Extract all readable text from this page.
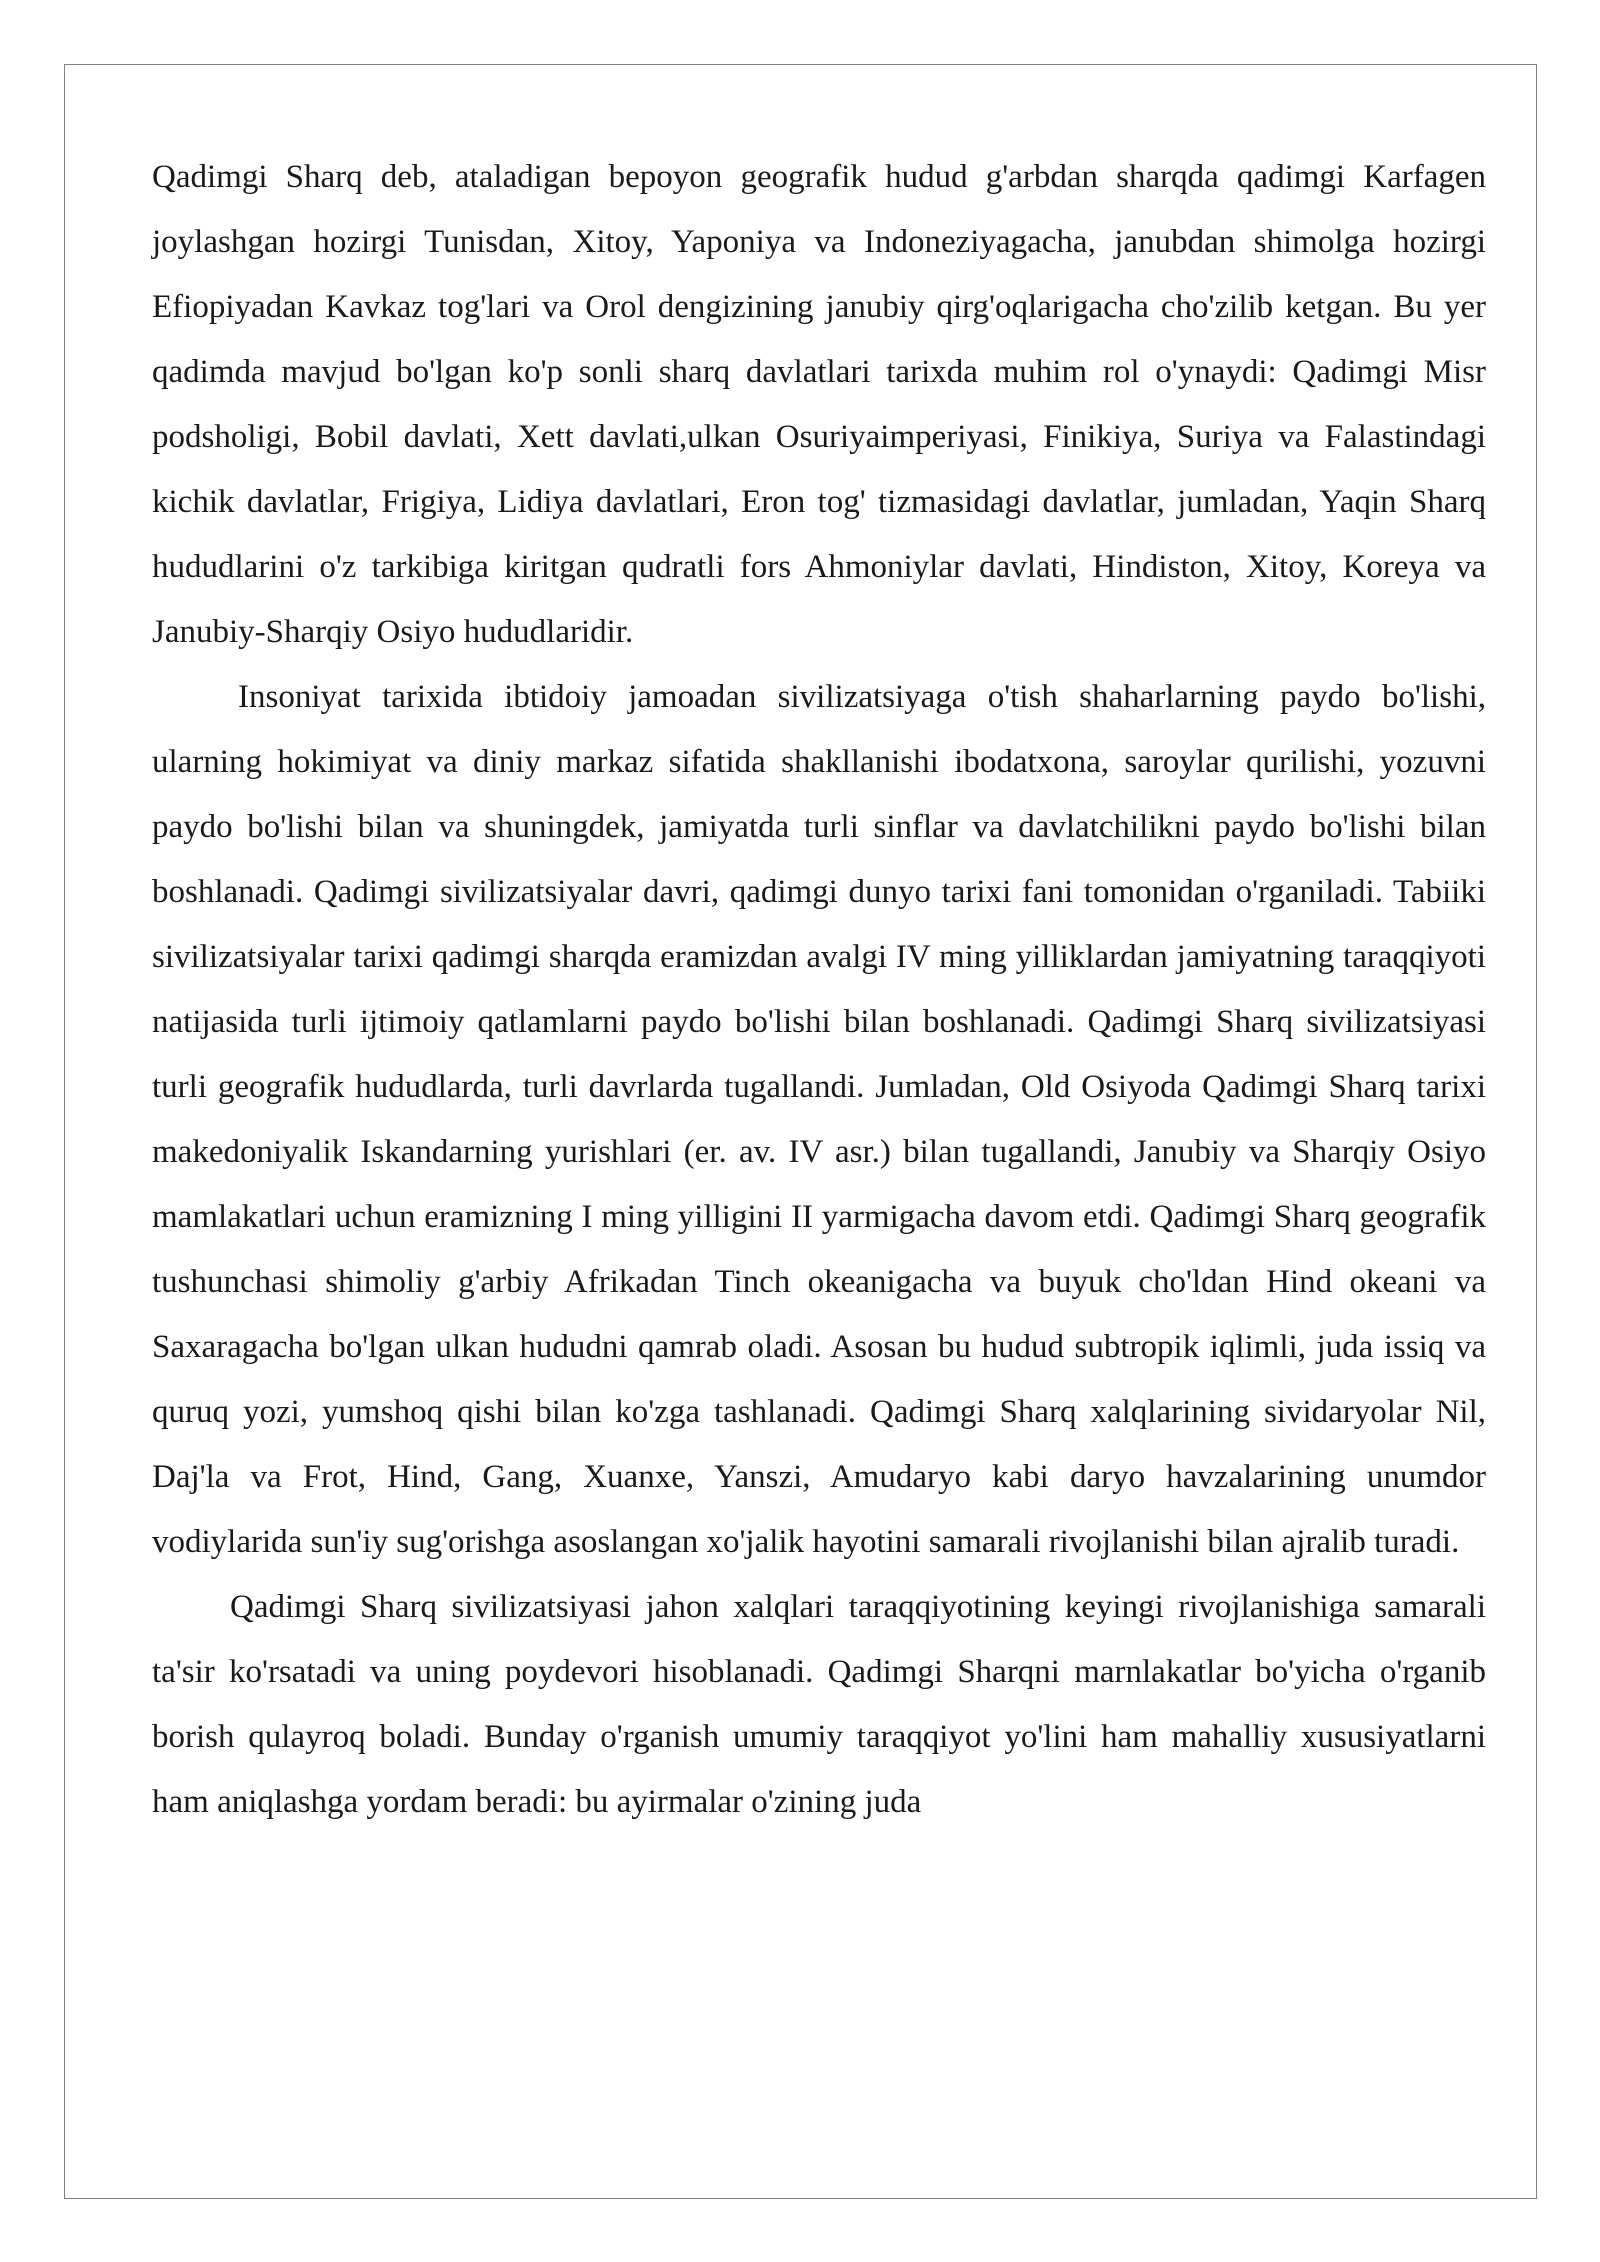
Qadimgi Sharq deb, ataladigan bepoyon geografik hudud g'arbdan sharqda qadimgi Karfagen joylashgan hozirgi Tunisdan, Xitoy, Yaponiya va Indoneziyagacha, janubdan shimolga hozirgi Efiopiyadan Kavkaz tog'lari va Orol dengizining janubiy qirg'oqlarigacha cho'zilib ketgan. Bu yer qadimda mavjud bo'lgan ko'p sonli sharq davlatlari tarixda muhim rol o'ynaydi: Qadimgi Misr podsholigi, Bobil davlati, Xett davlati,ulkan Osuriyaimperiyasi, Finikiya, Suriya va Falastindagi kichik davlatlar, Frigiya, Lidiya davlatlari, Eron tog' tizmasidagi davlatlar, jumladan, Yaqin Sharq hududlarini o'z tarkibiga kiritgan qudratli fors Ahmoniylar davlati, Hindiston, Xitoy, Koreya va Janubiy-Sharqiy Osiyo hududlaridir.

Insoniyat tarixida ibtidoiy jamoadan sivilizatsiyaga o'tish shaharlarning paydo bo'lishi, ularning hokimiyat va diniy markaz sifatida shakllanishi ibodatxona, saroylar qurilishi, yozuvni paydo bo'lishi bilan va shuningdek, jamiyatda turli sinflar va davlatchilikni paydo bo'lishi bilan boshlanadi. Qadimgi sivilizatsiyalar davri, qadimgi dunyo tarixi fani tomonidan o'rganiladi. Tabiiki sivilizatsiyalar tarixi qadimgi sharqda eramizdan avalgi IV ming yilliklardan jamiyatning taraqqiyoti natijasida turli ijtimoiy qatlamlarni paydo bo'lishi bilan boshlanadi. Qadimgi Sharq sivilizatsiyasi turli geografik hududlarda, turli davrlarda tugallandi. Jumladan, Old Osiyoda Qadimgi Sharq tarixi makedoniyalik Iskandarning yurishlari (er. av. IV asr.) bilan tugallandi, Janubiy va Sharqiy Osiyo mamlakatlari uchun eramizning I ming yilligini II yarmigacha davom etdi. Qadimgi Sharq geografik tushunchasi shimoliy g'arbiy Afrikadan Tinch okeanigacha va buyuk cho'ldan Hind okeani va Saxaragacha bo'lgan ulkan hududni qamrab oladi. Asosan bu hudud subtropik iqlimli, juda issiq va quruq yozi, yumshoq qishi bilan ko'zga tashlanadi. Qadimgi Sharq xalqlarining sividaryolar Nil, Daj'la va Frot, Hind, Gang, Xuanxe, Yanszi, Amudaryo kabi daryo havzalarining unumdor vodiylarida sun'iy sug'orishga asoslangan xo'jalik hayotini samarali rivojlanishi bilan ajralib turadi.

Qadimgi Sharq sivilizatsiyasi jahon xalqlari taraqqiyotining keyingi rivojlanishiga samarali ta'sir ko'rsatadi va uning poydevori hisoblanadi. Qadimgi Sharqni marnlakatlar bo'yicha o'rganib borish qulayroq boladi. Bunday o'rganish umumiy taraqqiyot yo'lini ham mahalliy xususiyatlarni ham aniqlashga yordam beradi: bu ayirmalar o'zining juda
